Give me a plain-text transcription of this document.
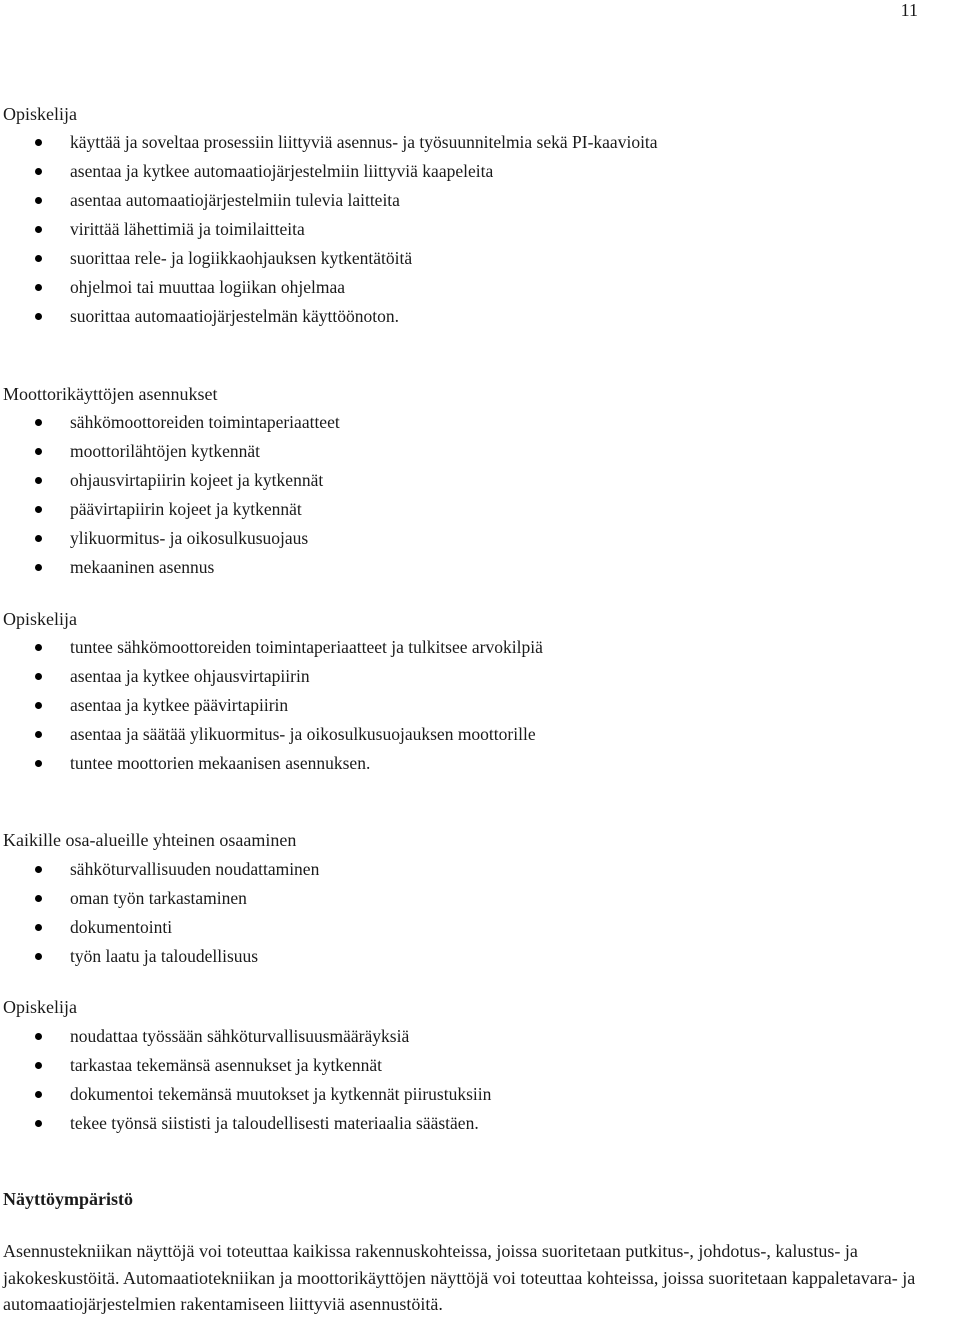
11

Opiskelija

käyttää ja soveltaa prosessiin liittyviä asennus- ja työsuunnitelmia sekä PI-kaavioita
asentaa ja kytkee automaatiojärjestelmiin liittyviä kaapeleita
asentaa automaatiojärjestelmiin tulevia laitteita
virittää lähettimiä ja toimilaitteita
suorittaa rele- ja logiikkaohjauksen kytkentätöitä
ohjelmoi tai muuttaa logiikan ohjelmaa
suorittaa automaatiojärjestelmän käyttöönoton.

Moottorikäyttöjen asennukset

sähkömoottoreiden toimintaperiaatteet
moottorilähtöjen kytkennät
ohjausvirtapiirin kojeet ja kytkennät
päävirtapiirin kojeet ja kytkennät
ylikuormitus- ja oikosulkusuojaus
mekaaninen asennus

Opiskelija

tuntee sähkömoottoreiden toimintaperiaatteet ja tulkitsee arvokilpiä
asentaa ja kytkee ohjausvirtapiirin
asentaa ja kytkee päävirtapiirin
asentaa ja säätää ylikuormitus- ja oikosulkusuojauksen moottorille
tuntee moottorien mekaanisen asennuksen.

Kaikille osa-alueille yhteinen osaaminen

sähköturvallisuuden noudattaminen
oman työn tarkastaminen
dokumentointi
työn laatu ja taloudellisuus

Opiskelija

noudattaa työssään sähköturvallisuusmääräyksiä
tarkastaa tekemänsä asennukset ja kytkennät
dokumentoi tekemänsä muutokset ja kytkennät piirustuksiin
tekee työnsä siististi ja taloudellisesti materiaalia säästäen.
Näyttöympäristö

Asennustekniikan näyttöjä voi toteuttaa kaikissa rakennuskohteissa, joissa suoritetaan putkitus-, johdotus-, kalustus- ja jakokeskustöitä. Automaatiotekniikan ja moottorikäyttöjen näyttöjä voi toteuttaa kohteissa, joissa suoritetaan kappaletavara- ja automaatiojärjestelmien rakentamiseen liittyviä asennustöitä.
